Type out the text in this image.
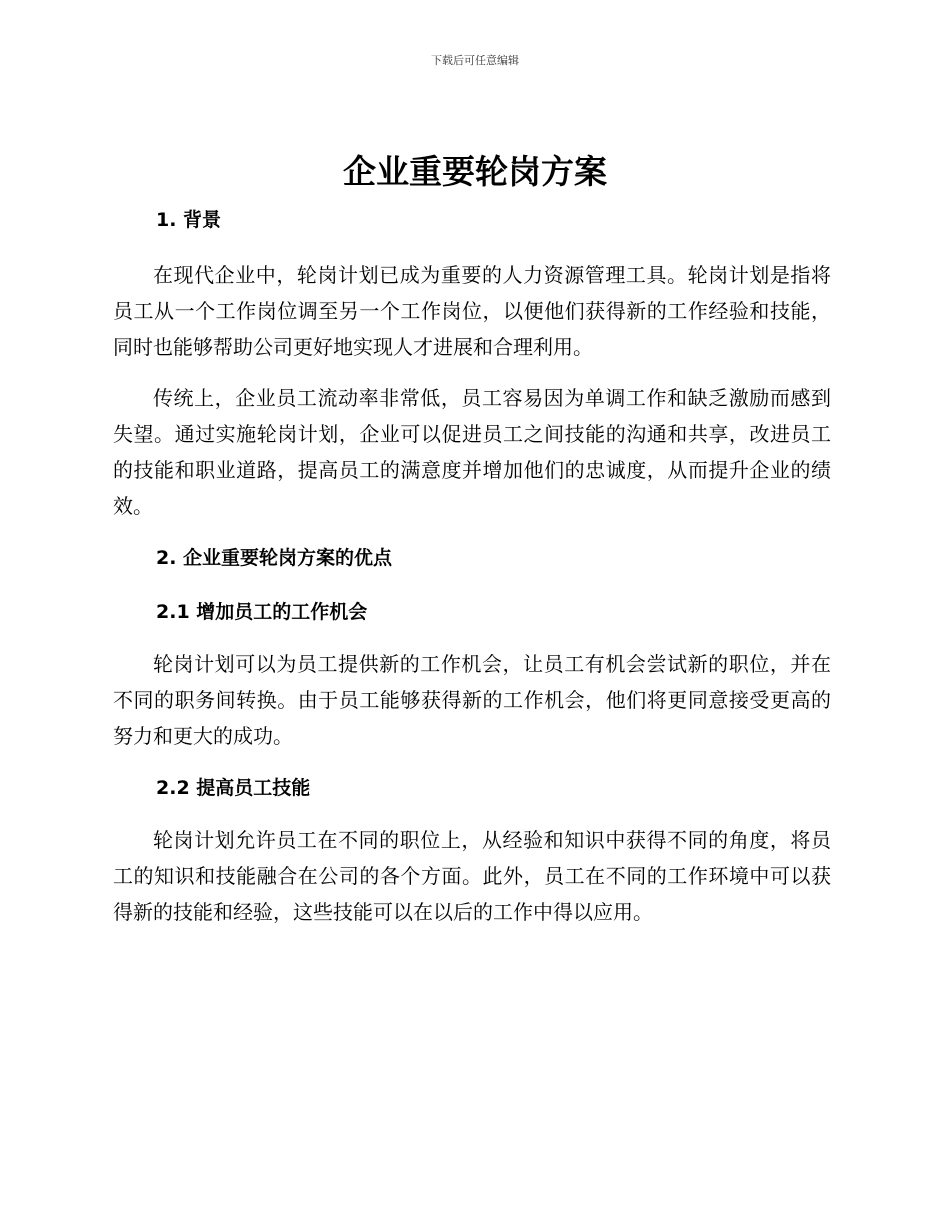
下载后可任意编辑
企业重要轮岗方案
1. 背景

在现代企业中，轮岗计划已成为重要的人力资源管理工具。轮岗计划是指将员工从一个工作岗位调至另一个工作岗位，以便他们获得新的工作经验和技能，同时也能够帮助公司更好地实现人才进展和合理利用。

传统上，企业员工流动率非常低，员工容易因为单调工作和缺乏激励而感到失望。通过实施轮岗计划，企业可以促进员工之间技能的沟通和共享，改进员工的技能和职业道路，提高员工的满意度并增加他们的忠诚度，从而提升企业的绩效。

2. 企业重要轮岗方案的优点
2.1 增加员工的工作机会

轮岗计划可以为员工提供新的工作机会，让员工有机会尝试新的职位，并在不同的职务间转换。由于员工能够获得新的工作机会，他们将更同意接受更高的努力和更大的成功。

2.2 提高员工技能

轮岗计划允许员工在不同的职位上，从经验和知识中获得不同的角度，将员工的知识和技能融合在公司的各个方面。此外，员工在不同的工作环境中可以获得新的技能和经验，这些技能可以在以后的工作中得以应用。
